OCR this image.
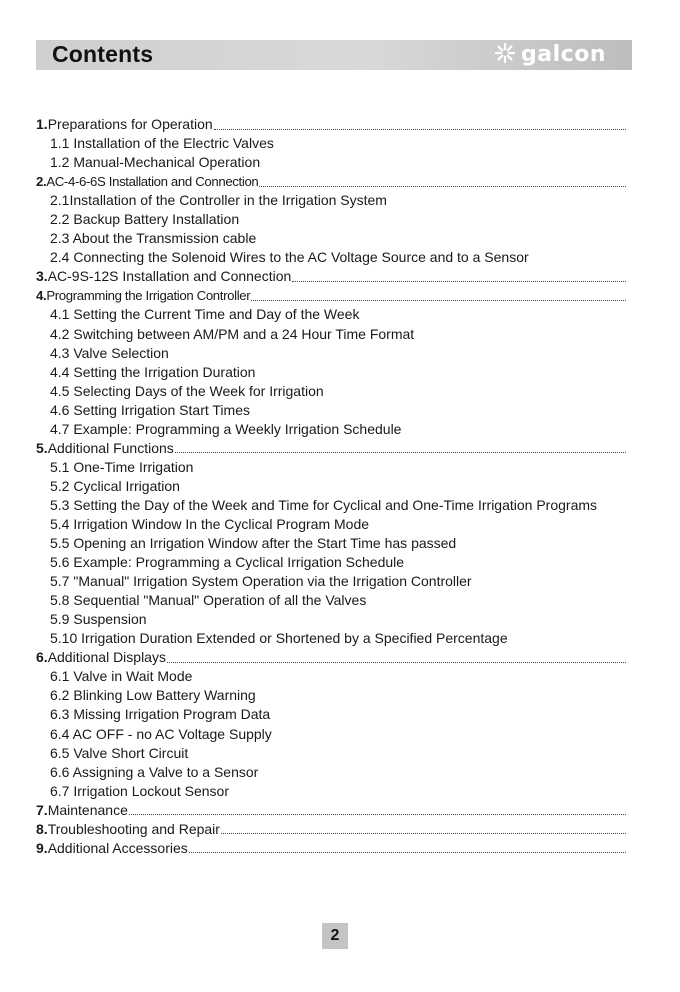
Contents	galcon
1. Preparations for Operation
1.1 Installation of the Electric Valves
1.2 Manual-Mechanical Operation
2. AC-4-6-6S Installation and Connection
2.1Installation of the Controller in the Irrigation System
2.2 Backup Battery Installation
2.3 About the Transmission cable
2.4 Connecting the Solenoid Wires to the AC Voltage Source and to a Sensor
3. AC-9S-12S Installation and Connection
4. Programming the Irrigation Controller
4.1 Setting the Current Time and Day of the Week
4.2 Switching between AM/PM and a 24 Hour Time Format
4.3 Valve Selection
4.4 Setting the Irrigation Duration
4.5 Selecting Days of the Week for Irrigation
4.6 Setting Irrigation Start Times
4.7 Example: Programming a Weekly Irrigation Schedule
5. Additional Functions
5.1 One-Time Irrigation
5.2 Cyclical Irrigation
5.3 Setting the Day of the Week and Time for Cyclical and One-Time Irrigation Programs
5.4 Irrigation Window In the Cyclical Program Mode
5.5 Opening an Irrigation Window after the Start Time has passed
5.6 Example: Programming a Cyclical Irrigation Schedule
5.7 "Manual" Irrigation System Operation via the Irrigation Controller
5.8 Sequential "Manual" Operation of all the Valves
5.9 Suspension
5.10 Irrigation Duration Extended or Shortened by a Specified Percentage
6. Additional Displays
6.1 Valve in Wait Mode
6.2 Blinking Low Battery Warning
6.3 Missing Irrigation Program Data
6.4 AC OFF - no AC Voltage Supply
6.5 Valve Short Circuit
6.6 Assigning a Valve to a Sensor
6.7 Irrigation Lockout Sensor
7. Maintenance
8. Troubleshooting and Repair
9. Additional Accessories
2
